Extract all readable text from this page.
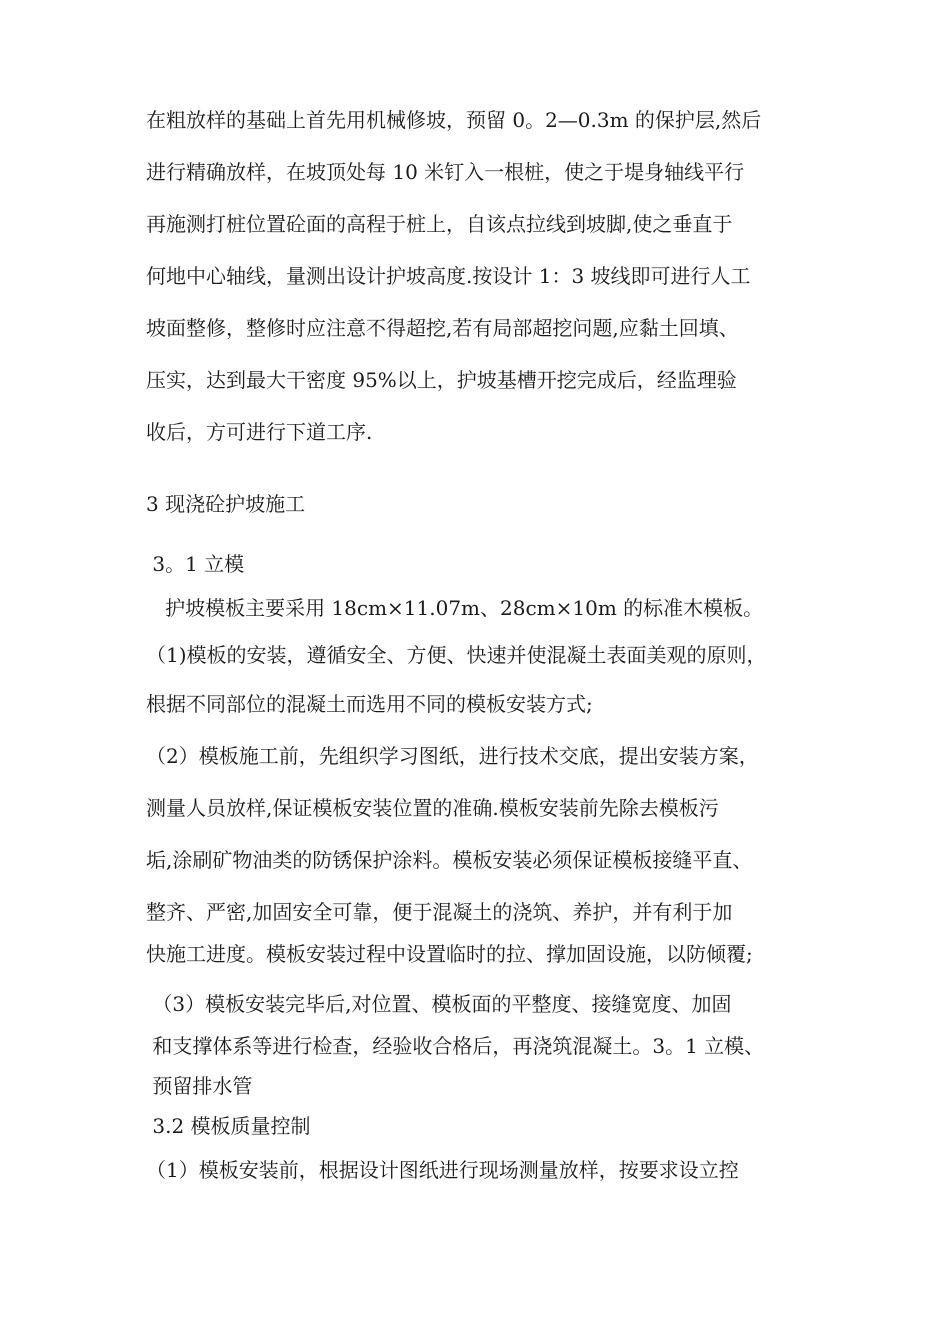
在粗放样的基础上首先用机械修坡，预留 0。2—0.3m 的保护层,然后
进行精确放样，在坡顶处每 10 米钉入一根桩，使之于堤身轴线平行
再施测打桩位置砼面的高程于桩上，自该点拉线到坡脚,使之垂直于
何地中心轴线，量测出设计护坡高度.按设计 1：3 坡线即可进行人工
坡面整修，整修时应注意不得超挖,若有局部超挖问题,应黏土回填、
压实，达到最大干密度 95%以上，护坡基槽开挖完成后，经监理验
收后，方可进行下道工序.
3 现浇砼护坡施工
3。1 立模
护坡模板主要采用 18cm×11.07m、28cm×10m 的标准木模板。
（1)模板的安装，遵循安全、方便、快速并使混凝土表面美观的原则，
根据不同部位的混凝土而选用不同的模板安装方式;
（2）模板施工前，先组织学习图纸，进行技术交底，提出安装方案，
测量人员放样,保证模板安装位置的准确.模板安装前先除去模板污
垢,涂刷矿物油类的防锈保护涂料。模板安装必须保证模板接缝平直、
整齐、严密,加固安全可靠，便于混凝土的浇筑、养护，并有利于加
快施工进度。模板安装过程中设置临时的拉、撑加固设施，以防倾覆;
（3）模板安装完毕后,对位置、模板面的平整度、接缝宽度、加固
和支撑体系等进行检查，经验收合格后，再浇筑混凝土。3。1 立模、
预留排水管
3.2 模板质量控制
（1）模板安装前，根据设计图纸进行现场测量放样，按要求设立控
